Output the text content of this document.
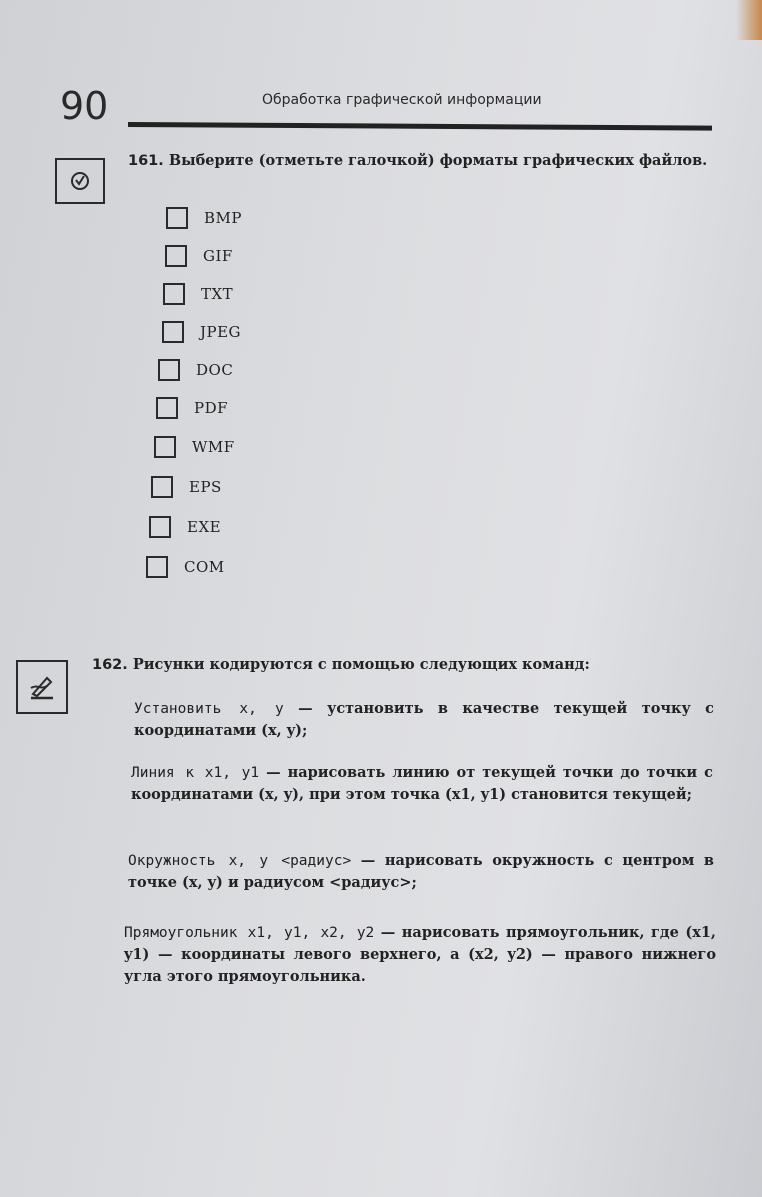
90	Обработка графической информации
161. Выберите (отметьте галочкой) форматы графических файлов.
BMP
GIF
TXT
JPEG
DOC
PDF
WMF
EPS
EXE
COM
162. Рисунки кодируются с помощью следующих команд:
Установить x, y — установить в качестве текущей точку с координатами (x, y);
Линия к x1, y1 — нарисовать линию от текущей точки до точки с координатами (x, y), при этом точка (x1, y1) становится текущей;
Окружность x, y <радиус> — нарисовать окружность с центром в точке (x, y) и радиусом <радиус>;
Прямоугольник x1, y1, x2, y2 — нарисовать прямоугольник, где (x1, y1) — координаты левого верхнего, а (x2, y2) — правого нижнего угла этого прямоугольника.
